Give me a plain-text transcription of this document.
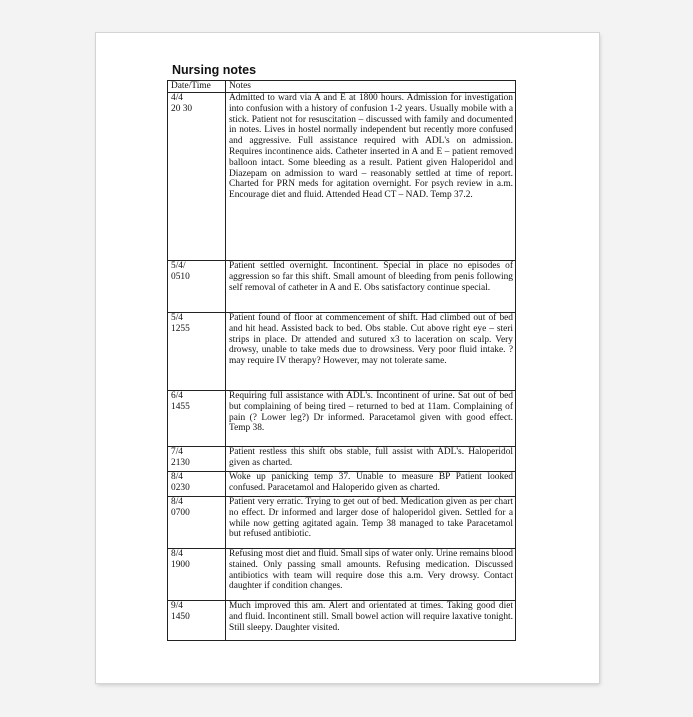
Nursing notes
Date/Time	Notes

4/4
20 30	Admitted to ward via A and E at 1800 hours. Admission for investigation into confusion with a history of confusion 1-2 years. Usually mobile with a stick. Patient not for resuscitation – discussed with family and documented in notes. Lives in hostel normally independent but recently more confused and aggressive. Full assistance required with ADL's on admission. Requires incontinence aids. Catheter inserted in A and E – patient removed balloon intact. Some bleeding as a result. Patient given Haloperidol and Diazepam on admission to ward – reasonably settled at time of report. Charted for PRN meds for agitation overnight. For psych review in a.m. Encourage diet and fluid. Attended Head CT – NAD. Temp 37.2.

5/4/
0510	Patient settled overnight. Incontinent. Special in place no episodes of aggression so far this shift. Small amount of bleeding from penis following self removal of catheter in A and E. Obs satisfactory continue special.

5/4
1255	Patient found of floor at commencement of shift. Had climbed out of bed and hit head. Assisted back to bed. Obs stable. Cut above right eye – steri strips in place. Dr attended and sutured x3 to laceration on scalp. Very drowsy, unable to take meds due to drowsiness. Very poor fluid intake. ?may require IV therapy? However, may not tolerate same.

6/4
1455	Requiring full assistance with ADL's. Incontinent of urine. Sat out of bed but complaining of being tired – returned to bed at 11am. Complaining of pain (? Lower leg?) Dr informed. Paracetamol given with good effect. Temp 38.

7/4
2130	Patient restless this shift obs stable, full assist with ADL's. Haloperidol given as charted.

8/4
0230	Woke up panicking temp 37. Unable to measure BP Patient looked confused. Paracetamol and Haloperido given as charted.

8/4
0700	Patient very erratic. Trying to get out of bed. Medication given as per chart no effect. Dr informed and larger dose of haloperidol given. Settled for a while now getting agitated again. Temp 38 managed to take Paracetamol but refused antibiotic.

8/4
1900	Refusing most diet and fluid. Small sips of water only. Urine remains blood stained. Only passing small amounts. Refusing medication. Discussed antibiotics with team will require dose this a.m. Very drowsy. Contact daughter if condition changes.

9/4
1450	Much improved this am. Alert and orientated at times. Taking good diet and fluid. Incontinent still. Small bowel action will require laxative tonight. Still sleepy. Daughter visited.
